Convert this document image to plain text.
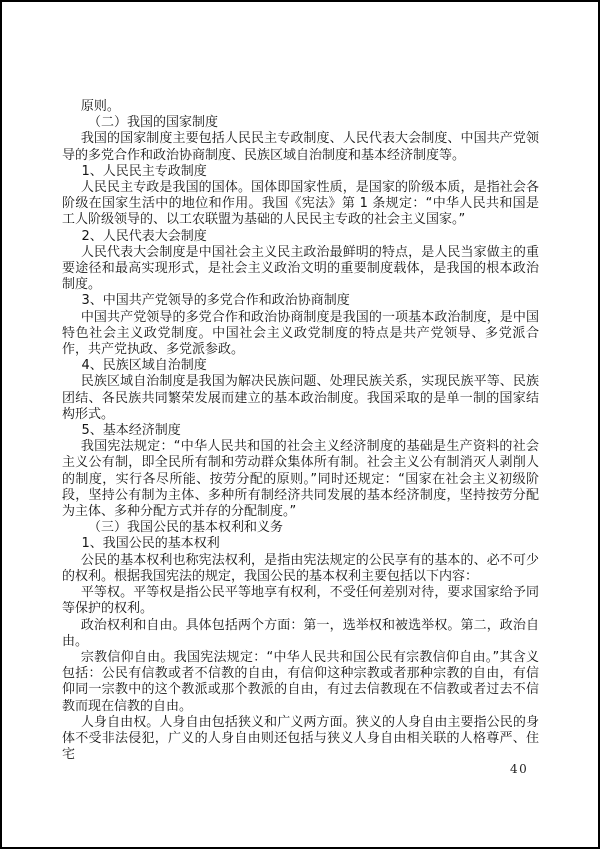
原则。

（二）我国的国家制度

我国的国家制度主要包括人民民主专政制度、人民代表大会制度、中国共产党领导的多党合作和政治协商制度、民族区域自治制度和基本经济制度等。

1、人民民主专政制度

人民民主专政是我国的国体。国体即国家性质，是国家的阶级本质，是指社会各阶级在国家生活中的地位和作用。我国《宪法》第 1 条规定：“中华人民共和国是工人阶级领导的、以工农联盟为基础的人民民主专政的社会主义国家。”

2、人民代表大会制度

人民代表大会制度是中国社会主义民主政治最鲜明的特点，是人民当家做主的重要途径和最高实现形式，是社会主义政治文明的重要制度载体，是我国的根本政治制度。

3、中国共产党领导的多党合作和政治协商制度

中国共产党领导的多党合作和政治协商制度是我国的一项基本政治制度，是中国特色社会主义政党制度。中国社会主义政党制度的特点是共产党领导、多党派合作，共产党执政、多党派参政。

4、民族区域自治制度

民族区域自治制度是我国为解决民族问题、处理民族关系，实现民族平等、民族团结、各民族共同繁荣发展而建立的基本政治制度。我国采取的是单一制的国家结构形式。

5、基本经济制度

我国宪法规定：“中华人民共和国的社会主义经济制度的基础是生产资料的社会主义公有制，即全民所有制和劳动群众集体所有制。社会主义公有制消灭人剥削人的制度，实行各尽所能、按劳分配的原则。”同时还规定：“国家在社会主义初级阶段，坚持公有制为主体、多种所有制经济共同发展的基本经济制度，坚持按劳分配为主体、多种分配方式并存的分配制度。”

（三）我国公民的基本权利和义务

1、我国公民的基本权利

公民的基本权利也称宪法权利，是指由宪法规定的公民享有的基本的、必不可少的权利。根据我国宪法的规定，我国公民的基本权利主要包括以下内容：

平等权。平等权是指公民平等地享有权利，不受任何差别对待，要求国家给予同等保护的权利。

政治权利和自由。具体包括两个方面：第一，选举权和被选举权。第二，政治自由。

宗教信仰自由。我国宪法规定：“中华人民共和国公民有宗教信仰自由。”其含义包括：公民有信教或者不信教的自由，有信仰这种宗教或者那种宗教的自由，有信仰同一宗教中的这个教派或那个教派的自由，有过去信教现在不信教或者过去不信教而现在信教的自由。

人身自由权。人身自由包括狭义和广义两方面。狭义的人身自由主要指公民的身体不受非法侵犯，广义的人身自由则还包括与狭义人身自由相关联的人格尊严、住宅

40
